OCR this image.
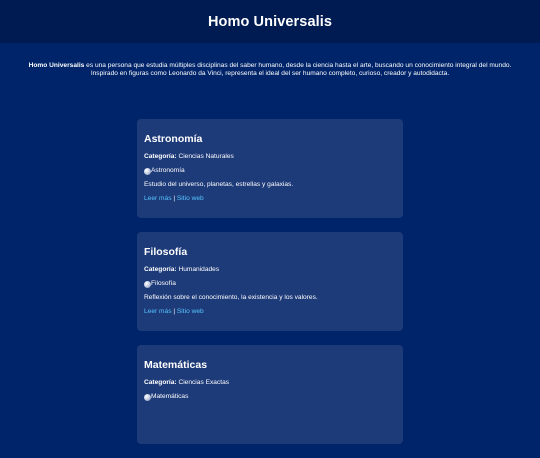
Homo Universalis
Homo Universalis es una persona que estudia múltiples disciplinas del saber humano, desde la ciencia hasta el arte, buscando un conocimiento integral del mundo.
Inspirado en figuras como Leonardo da Vinci, representa el ideal del ser humano completo, curioso, creador y autodidacta.
Astronomía
Categoría: Ciencias Naturales
Astronomía
Estudio del universo, planetas, estrellas y galaxias.
Leer más | Sitio web
Filosofía
Categoría: Humanidades
Filosofía
Reflexión sobre el conocimiento, la existencia y los valores.
Leer más | Sitio web
Matemáticas
Categoría: Ciencias Exactas
Matemáticas
